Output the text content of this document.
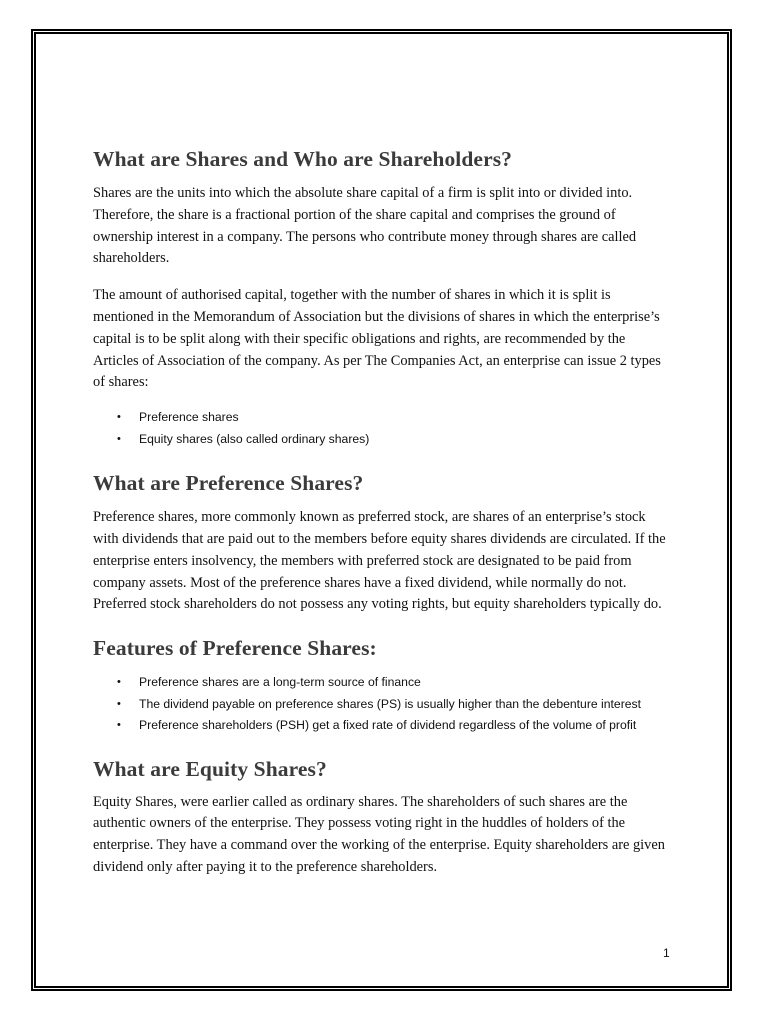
What are Shares and Who are Shareholders?

Shares are the units into which the absolute share capital of a firm is split into or divided into. Therefore, the share is a fractional portion of the share capital and comprises the ground of ownership interest in a company. The persons who contribute money through shares are called shareholders.

The amount of authorised capital, together with the number of shares in which it is split is mentioned in the Memorandum of Association but the divisions of shares in which the enterprise’s capital is to be split along with their specific obligations and rights, are recommended by the Articles of Association of the company. As per The Companies Act, an enterprise can issue 2 types of shares:

• Preference shares
• Equity shares (also called ordinary shares)
What are Preference Shares?

Preference shares, more commonly known as preferred stock, are shares of an enterprise’s stock with dividends that are paid out to the members before equity shares dividends are circulated. If the enterprise enters insolvency, the members with preferred stock are designated to be paid from company assets. Most of the preference shares have a fixed dividend, while normally do not. Preferred stock shareholders do not possess any voting rights, but equity shareholders typically do.

Features of Preference Shares:
• Preference shares are a long-term source of finance
• The dividend payable on preference shares (PS) is usually higher than the debenture interest
• Preference shareholders (PSH) get a fixed rate of dividend regardless of the volume of profit
What are Equity Shares?

Equity Shares, were earlier called as ordinary shares. The shareholders of such shares are the authentic owners of the enterprise. They possess voting right in the huddles of holders of the enterprise. They have a command over the working of the enterprise. Equity shareholders are given dividend only after paying it to the preference shareholders.

1
